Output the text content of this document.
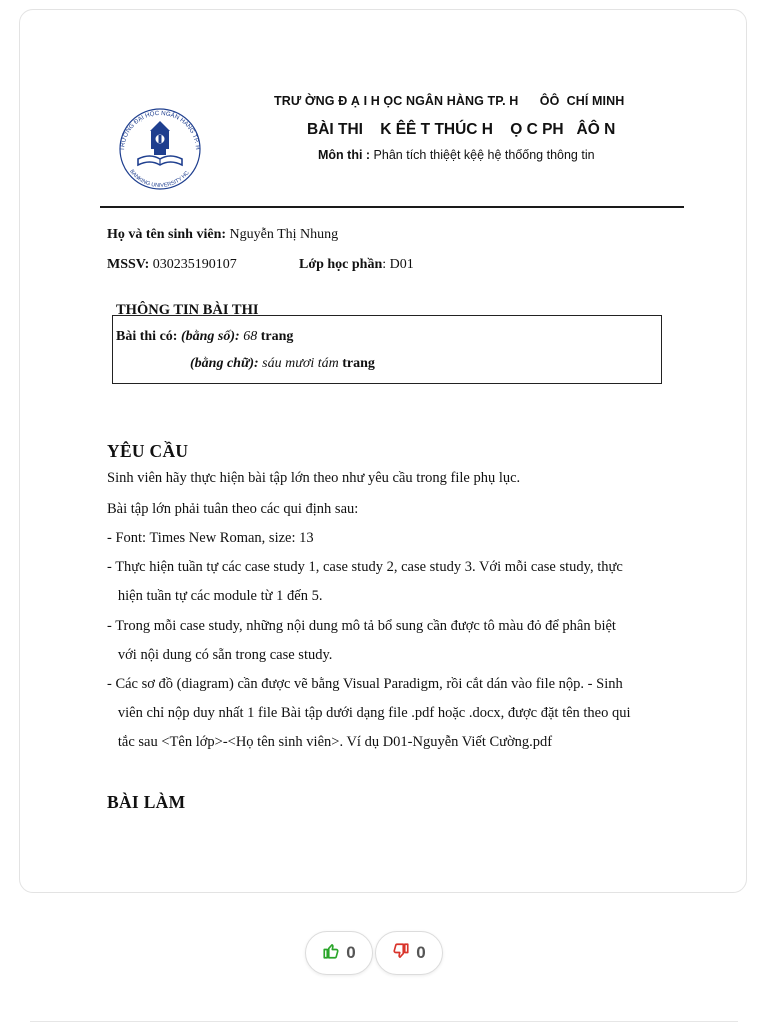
TRƯỜNG ĐẠI HỌC NGÂN HÀNG TP. H
BANKING UNIVERSITY HC
TRƯ ỜNG Đ Ạ I H ỌC NGÂN HÀNG TP. H      ÔÔ  CHÍ MINH
BÀI THI    K ÊÊ T THÚC H    Ọ C PH   ÂÔ N
Môn thi : Phân tích thiệệt kệệ hệ thốống thông tin
Họ và tên sinh viên: Nguyễn Thị Nhung
MSSV: 030235190107	Lớp học phần: D01
THÔNG TIN BÀI THI
Bài thi có: (bằng số): 68 trang
(bằng chữ): sáu mươi tám trang
YÊU CẦU
Sinh viên hãy thực hiện bài tập lớn theo như yêu cầu trong file phụ lục.
Bài tập lớn phải tuân theo các qui định sau:
- Font: Times New Roman, size: 13
- Thực hiện tuần tự các case study 1, case study 2, case study 3. Với mỗi case study, thực
hiện tuần tự các module từ 1 đến 5.
- Trong mỗi case study, những nội dung mô tả bổ sung cần được tô màu đỏ để phân biệt
với nội dung có sẵn trong case study.
- Các sơ đồ (diagram) cần được vẽ bằng Visual Paradigm, rồi cắt dán vào file nộp. - Sinh
viên chỉ nộp duy nhất 1 file Bài tập dưới dạng file .pdf hoặc .docx, được đặt tên theo qui
tắc sau <Tên lớp>-<Họ tên sinh viên>. Ví dụ D01-Nguyễn Viết Cường.pdf
BÀI LÀM
0	0
